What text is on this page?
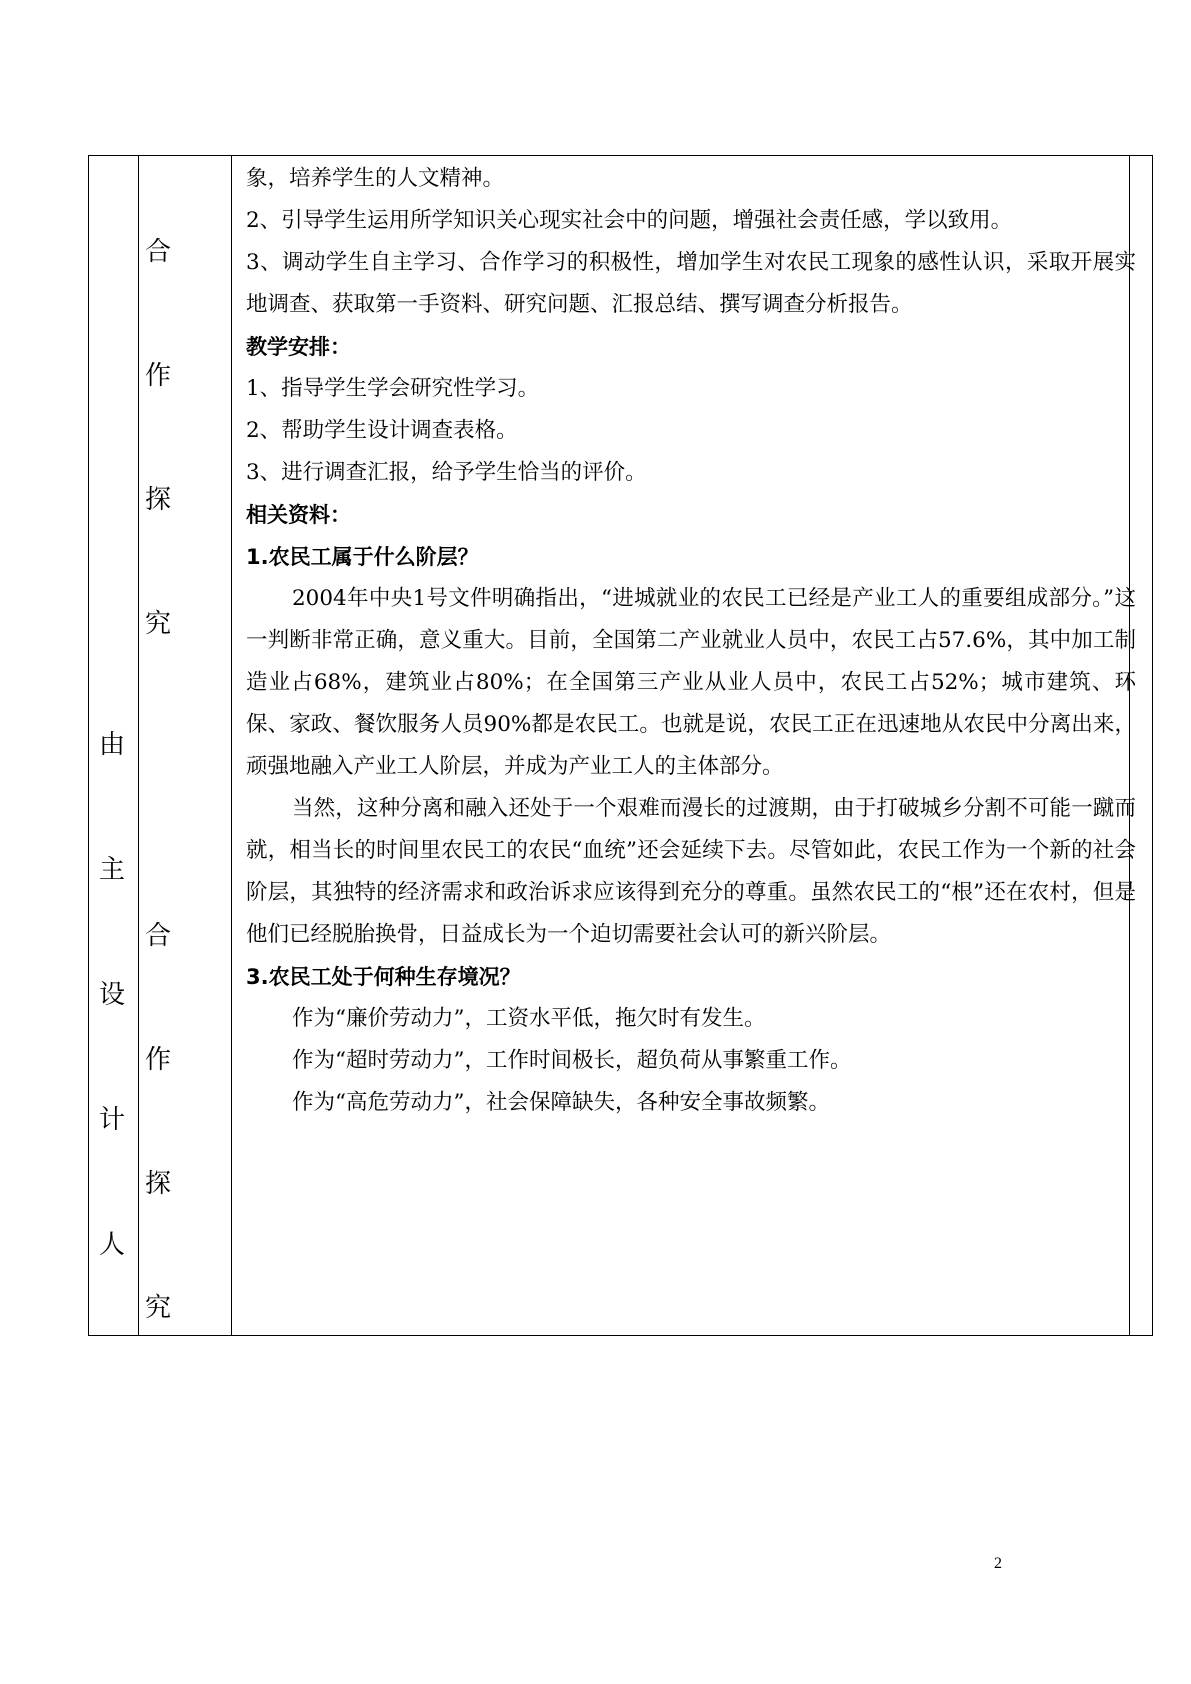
由
主
设
计
人
合
作
探
究
合
作
探
究

象，培养学生的人文精神。

2、引导学生运用所学知识关心现实社会中的问题，增强社会责任感，学以致用。

3、调动学生自主学习、合作学习的积极性，增加学生对农民工现象的感性认识，采取开展实地调查、获取第一手资料、研究问题、汇报总结、撰写调查分析报告。

教学安排：

1、指导学生学会研究性学习。

2、帮助学生设计调查表格。

3、进行调查汇报，给予学生恰当的评价。

相关资料：

1.农民工属于什么阶层？

2004年中央1号文件明确指出，“进城就业的农民工已经是产业工人的重要组成部分。”这一判断非常正确，意义重大。目前，全国第二产业就业人员中，农民工占57.6%，其中加工制造业占68%，建筑业占80%；在全国第三产业从业人员中，农民工占52%；城市建筑、环保、家政、餐饮服务人员90%都是农民工。也就是说，农民工正在迅速地从农民中分离出来，顽强地融入产业工人阶层，并成为产业工人的主体部分。

当然，这种分离和融入还处于一个艰难而漫长的过渡期，由于打破城乡分割不可能一蹴而就，相当长的时间里农民工的农民“血统”还会延续下去。尽管如此，农民工作为一个新的社会阶层，其独特的经济需求和政治诉求应该得到充分的尊重。虽然农民工的“根”还在农村，但是他们已经脱胎换骨，日益成长为一个迫切需要社会认可的新兴阶层。

3.农民工处于何种生存境况？

作为“廉价劳动力”，工资水平低，拖欠时有发生。

作为“超时劳动力”，工作时间极长，超负荷从事繁重工作。

作为“高危劳动力”，社会保障缺失，各种安全事故频繁。

2
